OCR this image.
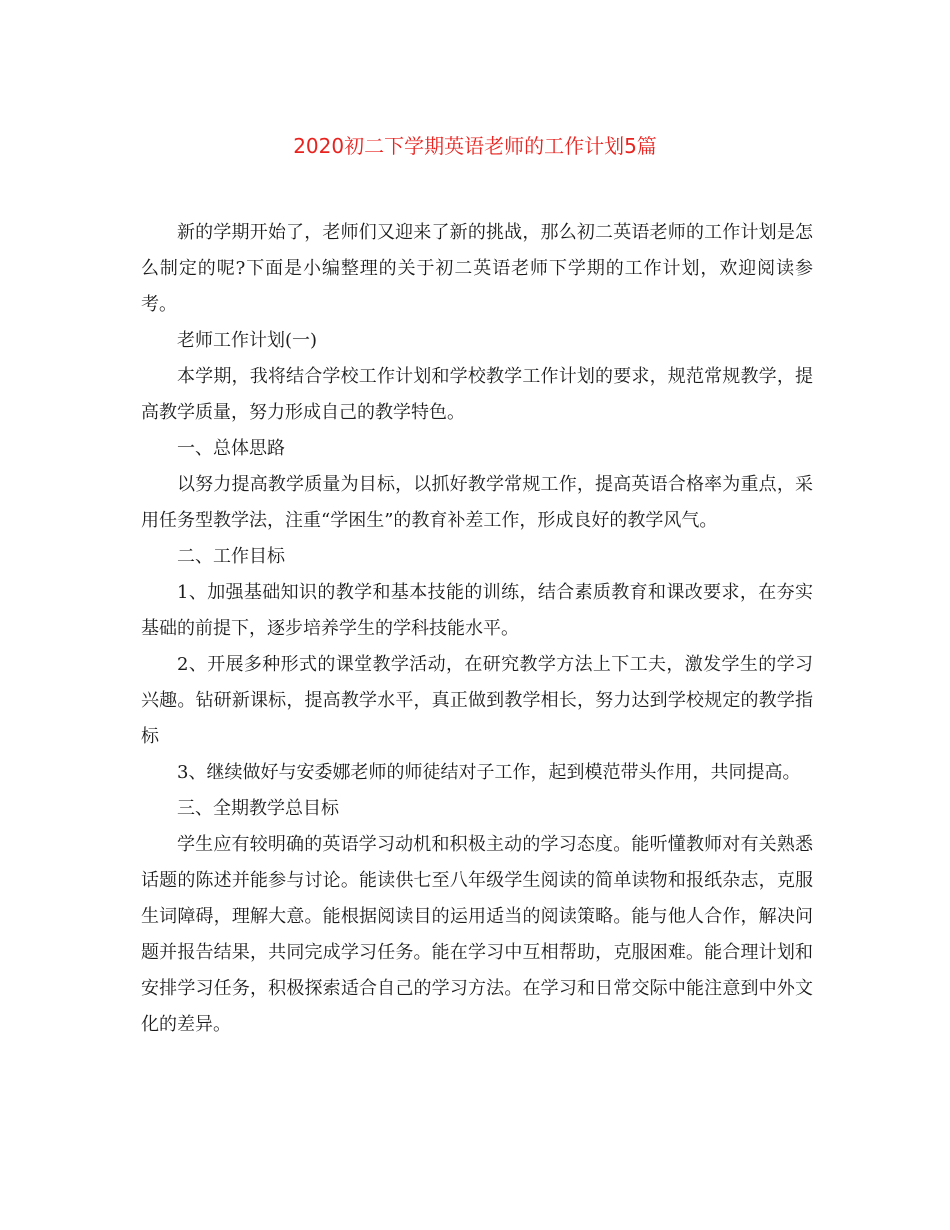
2020初二下学期英语老师的工作计划5篇

新的学期开始了，老师们又迎来了新的挑战，那么初二英语老师的工作计划是怎么制定的呢?下面是小编整理的关于初二英语老师下学期的工作计划，欢迎阅读参考。

老师工作计划(一)

本学期，我将结合学校工作计划和学校教学工作计划的要求，规范常规教学，提高教学质量，努力形成自己的教学特色。

一、总体思路

以努力提高教学质量为目标，以抓好教学常规工作，提高英语合格率为重点，采用任务型教学法，注重“学困生”的教育补差工作，形成良好的教学风气。

二、工作目标

1、加强基础知识的教学和基本技能的训练，结合素质教育和课改要求，在夯实基础的前提下，逐步培养学生的学科技能水平。

2、开展多种形式的课堂教学活动，在研究教学方法上下工夫，激发学生的学习兴趣。钻研新课标，提高教学水平，真正做到教学相长，努力达到学校规定的教学指标

3、继续做好与安委娜老师的师徒结对子工作，起到模范带头作用，共同提高。

三、全期教学总目标

学生应有较明确的英语学习动机和积极主动的学习态度。能听懂教师对有关熟悉话题的陈述并能参与讨论。能读供七至八年级学生阅读的简单读物和报纸杂志，克服生词障碍，理解大意。能根据阅读目的运用适当的阅读策略。能与他人合作，解决问题并报告结果，共同完成学习任务。能在学习中互相帮助，克服困难。能合理计划和安排学习任务，积极探索适合自己的学习方法。在学习和日常交际中能注意到中外文化的差异。
